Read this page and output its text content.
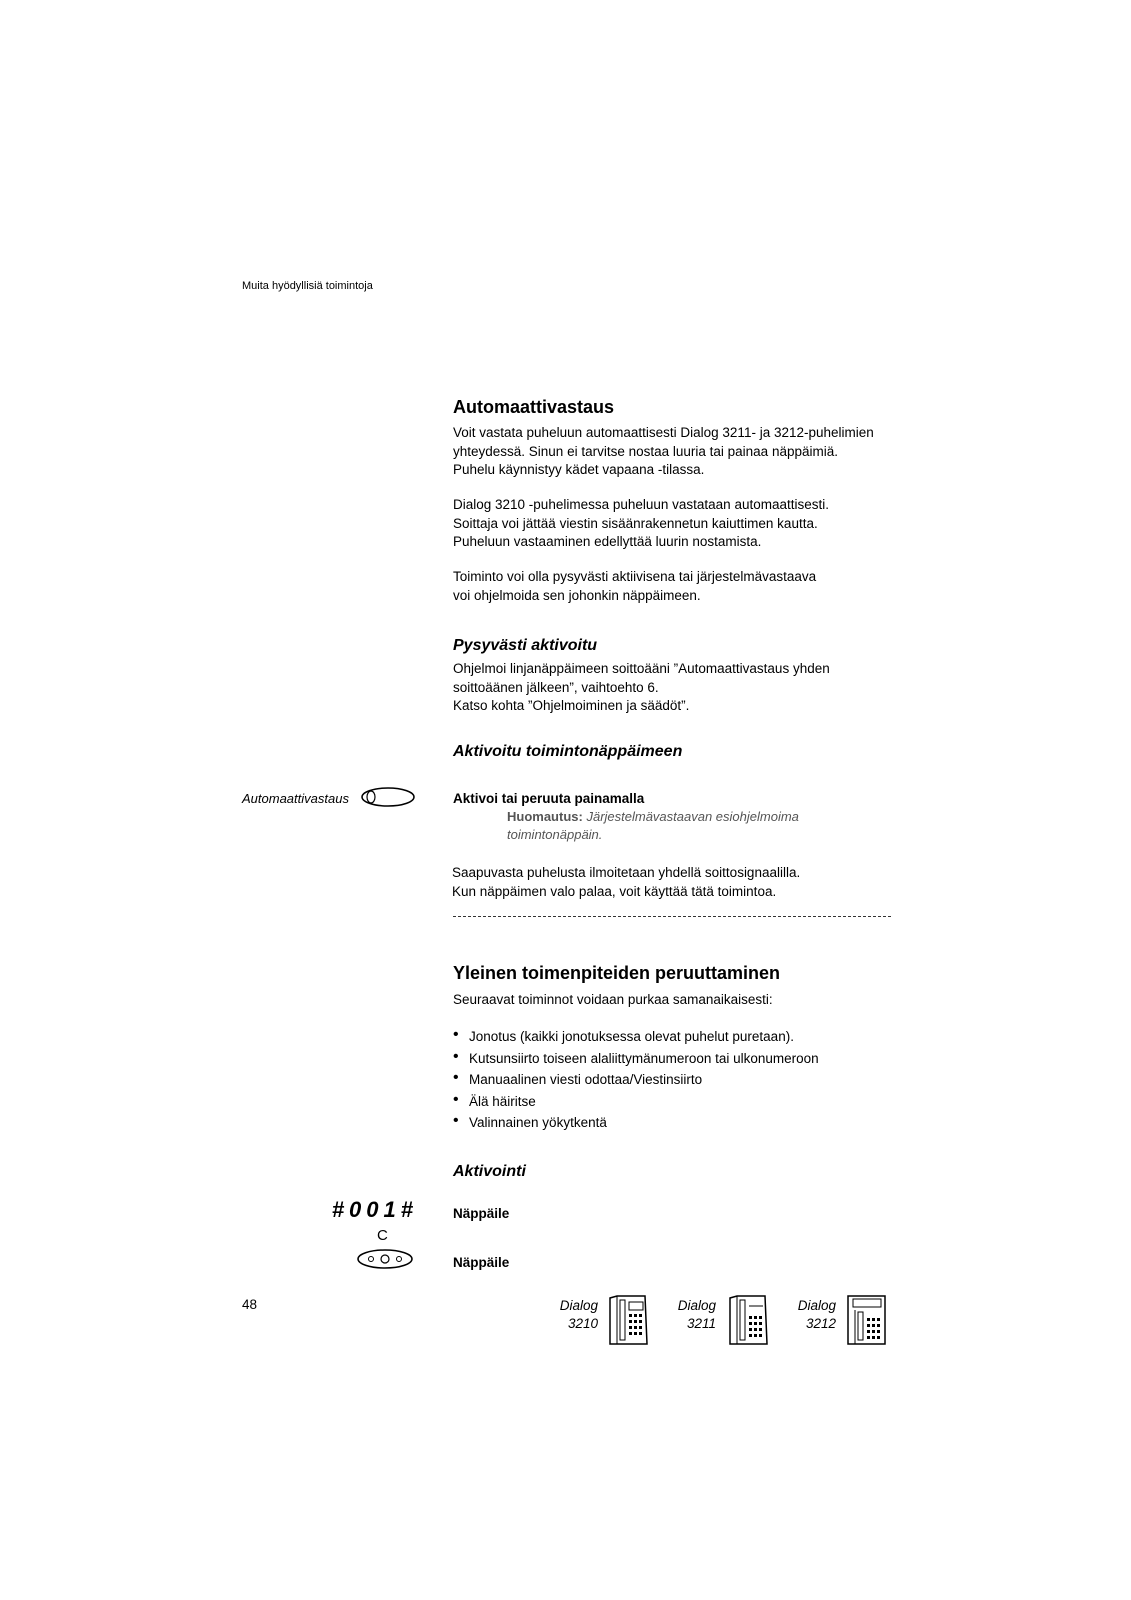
Muita hyödyllisiä toimintoja
Automaattivastaus
Voit vastata puheluun automaattisesti Dialog 3211- ja 3212-puhelimien
yhteydessä. Sinun ei tarvitse nostaa luuria tai painaa näppäimiä.
Puhelu käynnistyy kädet vapaana -tilassa.
Dialog 3210 -puhelimessa puheluun vastataan automaattisesti.
Soittaja voi jättää viestin sisäänrakennetun kaiuttimen kautta.
Puheluun vastaaminen edellyttää luurin nostamista.
Toiminto voi olla pysyvästi aktiivisena tai järjestelmävastaava
voi ohjelmoida sen johonkin näppäimeen.
Pysyvästi aktivoitu
Ohjelmoi linjanäppäimeen soittoääni ”Automaattivastaus yhden
soittoäänen jälkeen”, vaihtoehto 6.
Katso kohta ”Ohjelmoiminen ja säädöt”.
Aktivoitu toimintonäppäimeen
Automaattivastaus	Aktivoi tai peruuta painamalla
Huomautus: Järjestelmävastaavan esiohjelmoima
toimintonäppäin.
Saapuvasta puhelusta ilmoitetaan yhdellä soittosignaalilla.
Kun näppäimen valo palaa, voit käyttää tätä toimintoa.
Yleinen toimenpiteiden peruuttaminen
Seuraavat toiminnot voidaan purkaa samanaikaisesti:
• Jonotus (kaikki jonotuksessa olevat puhelut puretaan).
• Kutsunsiirto toiseen alaliittymänumeroon tai ulkonumeroon
• Manuaalinen viesti odottaa/Viestinsiirto
• Älä häiritse
• Valinnainen yökytkentä
Aktivointi
#001#	Näppäile
C
Näppäile
48	Dialog
3210
Dialog
3211
Dialog
3212
